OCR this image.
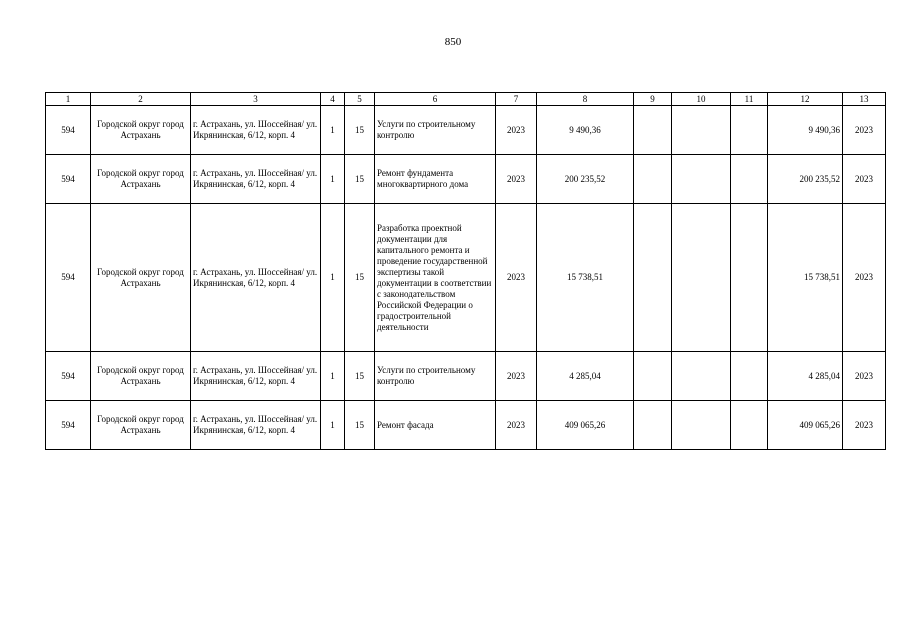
850
1	2	3	4	5	6	7	8	9	10	11	12	13
594	Городской округ город Астрахань	г. Астрахань, ул. Шоссейная/ ул. Икрянинская, 6/12, корп. 4	1	15	Услуги по строительному контролю	2023	9 490,36				9 490,36	2023
594	Городской округ город Астрахань	г. Астрахань, ул. Шоссейная/ ул. Икрянинская, 6/12, корп. 4	1	15	Ремонт фундамента многоквартирного дома	2023	200 235,52				200 235,52	2023
594	Городской округ город Астрахань	г. Астрахань, ул. Шоссейная/ ул. Икрянинская, 6/12, корп. 4	1	15	Разработка проектной документации для капитального ремонта и проведение государственной экспертизы такой документации в соответствии с законодательством Российской Федерации о градостроительной деятельности	2023	15 738,51				15 738,51	2023
594	Городской округ город Астрахань	г. Астрахань, ул. Шоссейная/ ул. Икрянинская, 6/12, корп. 4	1	15	Услуги по строительному контролю	2023	4 285,04				4 285,04	2023
594	Городской округ город Астрахань	г. Астрахань, ул. Шоссейная/ ул. Икрянинская, 6/12, корп. 4	1	15	Ремонт фасада	2023	409 065,26				409 065,26	2023
